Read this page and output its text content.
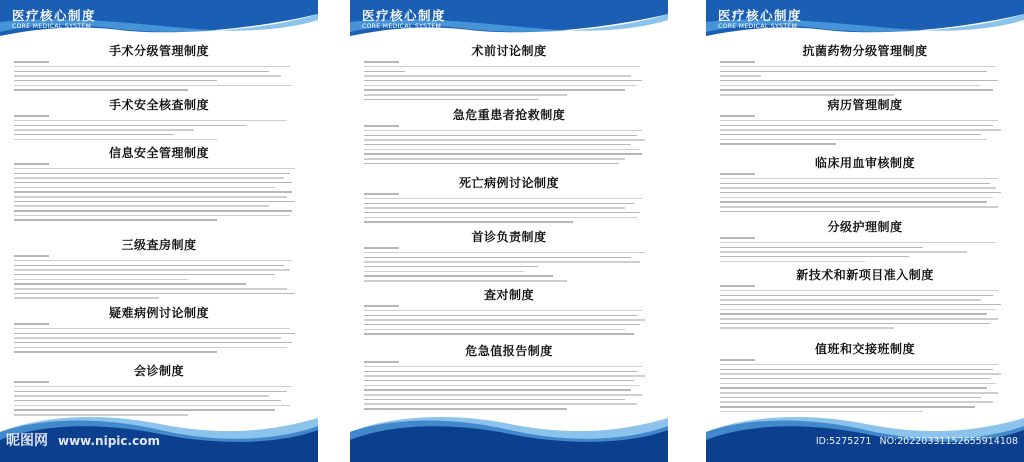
医疗核心制度
CORE MEDICAL SYSTEM
手术分级管理制度
手术安全核查制度
信息安全管理制度
三级查房制度
疑难病例讨论制度
会诊制度
医疗核心制度
CORE MEDICAL SYSTEM
术前讨论制度
急危重患者抢救制度
死亡病例讨论制度
首诊负责制度
查对制度
危急值报告制度
医疗核心制度
CORE MEDICAL SYSTEM
抗菌药物分级管理制度
病历管理制度
临床用血审核制度
分级护理制度
新技术和新项目准入制度
值班和交接班制度
昵图网 www.nipic.com	ID:5275271 NO:20220331152655914108
